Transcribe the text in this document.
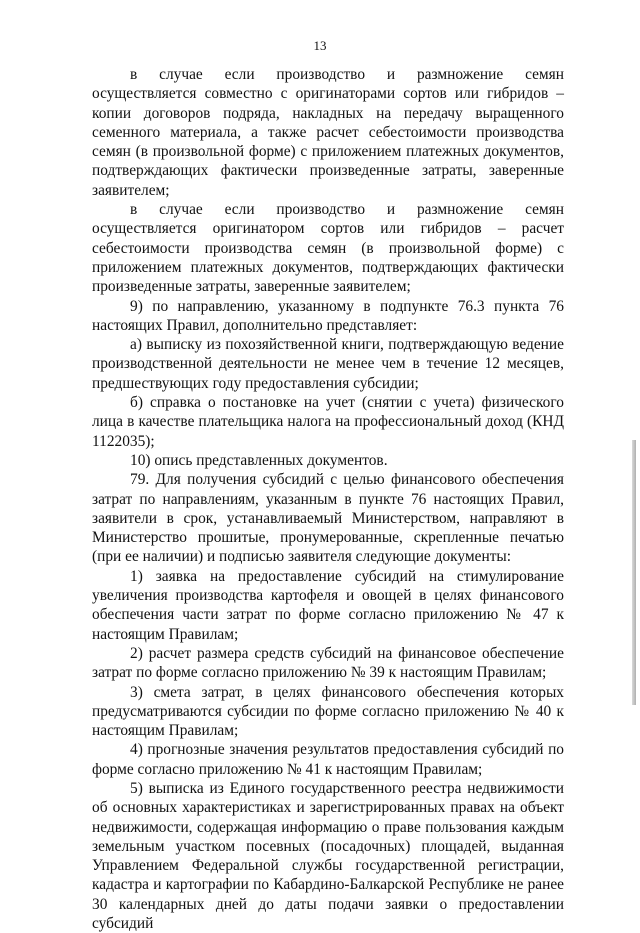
13

в случае если производство и размножение семян осуществляется совместно с оригинаторами сортов или гибридов – копии договоров подряда, накладных на передачу выращенного семенного материала, а также расчет себестоимости производства семян (в произвольной форме) с приложением платежных документов, подтверждающих фактически произведенные затраты, заверенные заявителем;

в случае если производство и размножение семян осуществляется оригинатором сортов или гибридов – расчет себестоимости производства семян (в произвольной форме) с приложением платежных документов, подтверждающих фактически произведенные затраты, заверенные заявителем;

9) по направлению, указанному в подпункте 76.3 пункта 76 настоящих Правил, дополнительно представляет:

а) выписку из похозяйственной книги, подтверждающую ведение производственной деятельности не менее чем в течение 12 месяцев, предшествующих году предоставления субсидии;

б) справка о постановке на учет (снятии с учета) физического лица в качестве плательщика налога на профессиональный доход (КНД 1122035);

10) опись представленных документов.

79. Для получения субсидий с целью финансового обеспечения затрат по направлениям, указанным в пункте 76 настоящих Правил, заявители в срок, устанавливаемый Министерством, направляют в Министерство прошитые, пронумерованные, скрепленные печатью (при ее наличии) и подписью заявителя следующие документы:

1) заявка на предоставление субсидий на стимулирование увеличения производства картофеля и овощей в целях финансового обеспечения части затрат по форме согласно приложению № 47 к настоящим Правилам;

2) расчет размера средств субсидий на финансовое обеспечение затрат по форме согласно приложению № 39 к настоящим Правилам;

3) смета затрат, в целях финансового обеспечения которых предусматриваются субсидии по форме согласно приложению № 40 к настоящим Правилам;

4) прогнозные значения результатов предоставления субсидий по форме согласно приложению № 41 к настоящим Правилам;

5) выписка из Единого государственного реестра недвижимости об основных характеристиках и зарегистрированных правах на объект недвижимости, содержащая информацию о праве пользования каждым земельным участком посевных (посадочных) площадей, выданная Управлением Федеральной службы государственной регистрации, кадастра и картографии по Кабардино-Балкарской Республике не ранее 30 календарных дней до даты подачи заявки о предоставлении субсидий
